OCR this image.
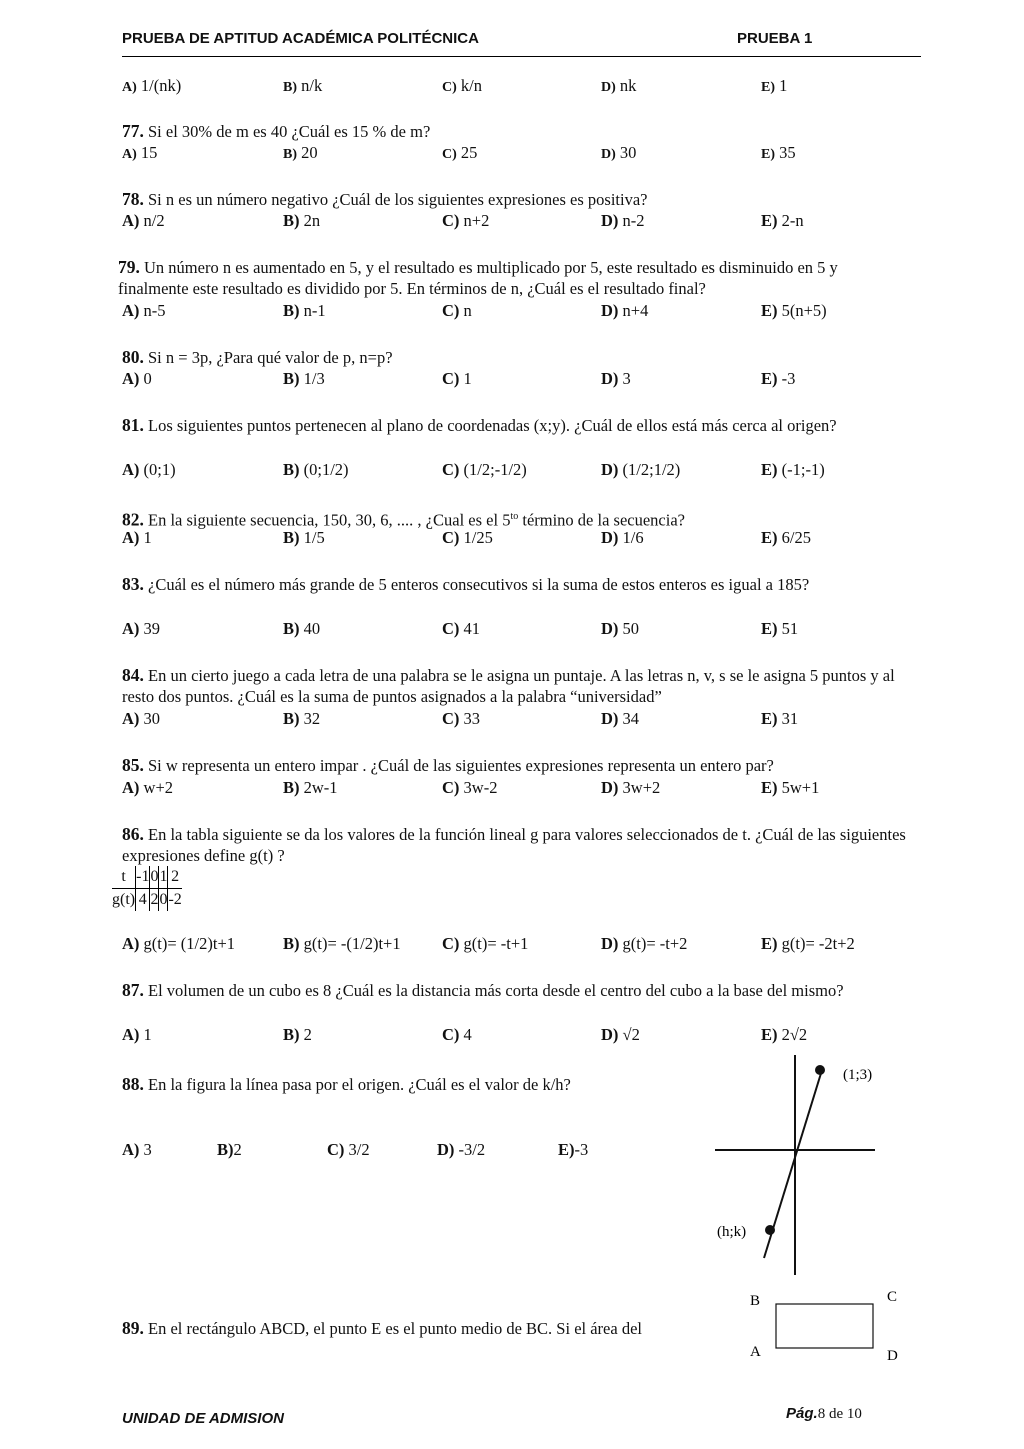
PRUEBA DE APTITUD ACADÉMICA POLITÉCNICA	PRUEBA 1
A) 1/(nk)	B) n/k	C) k/n	D) nk	E) 1
77. Si el 30% de m es 40 ¿Cuál es 15 % de m?
A) 15	B) 20	C) 25	D) 30	E) 35
78. Si n es un número negativo ¿Cuál de los siguientes expresiones es positiva?
A) n/2	B) 2n	C) n+2	D) n-2	E) 2-n
79. Un número n es aumentado en 5, y el resultado es multiplicado por 5, este resultado es disminuido en 5 y finalmente este resultado es dividido por 5. En términos de n, ¿Cuál es el resultado final?
A) n-5	B) n-1	C) n	D) n+4	E) 5(n+5)
80. Si n = 3p, ¿Para qué valor de p, n=p?
A) 0	B) 1/3	C) 1	D) 3	E) -3
81. Los siguientes puntos pertenecen al plano de coordenadas (x;y). ¿Cuál de ellos está más cerca al origen?
A) (0;1)	B) (0;1/2)	C) (1/2;-1/2)	D) (1/2;1/2)	E) (-1;-1)
82. En la siguiente secuencia, 150, 30, 6, .... , ¿Cual es el $5^{to}$ término de la secuencia?
A) 1	B) 1/5	C) 1/25	D) 1/6	E) 6/25
83. ¿Cuál es el número más grande de 5 enteros consecutivos si la suma de estos enteros es igual a 185?
A) 39	B) 40	C) 41	D) 50	E) 51
84. En un cierto juego a cada letra de una palabra se le asigna un puntaje. A las letras n, v, s se le asigna 5 puntos y al resto dos puntos. ¿Cuál es la suma de puntos asignados a la palabra “universidad”
A) 30	B) 32	C) 33	D) 34	E) 31
85. Si w representa un entero impar . ¿Cuál de las siguientes expresiones representa un entero par?
A) w+2	B) 2w-1	C) 3w-2	D) 3w+2	E) 5w+1
86. En la tabla siguiente se da los valores de la función lineal g para valores seleccionados de t. ¿Cuál de las siguientes expresiones define g(t) ?
t	-1	0	1	2
g(t)	4	2	0	-2
A) g(t)= (1/2)t+1	B) g(t)= -(1/2)t+1	C) g(t)= -t+1	D) g(t)= -t+2	E) g(t)= -2t+2
87. El volumen de un cubo es 8 ¿Cuál es la distancia más corta desde el centro del cubo a la base del mismo?
A) 1	B) 2	C) 4	D) √2	E) 2√2
88. En la figura la línea pasa por el origen. ¿Cuál es el valor de k/h?
A) 3	B)2	C) 3/2	D) -3/2	E)-3
89. En el rectángulo ABCD, el punto E es el punto medio de BC. Si el área del
(1;3)
(h;k)
B	C
A	D
UNIDAD DE ADMISION	Pág.8 de 10
